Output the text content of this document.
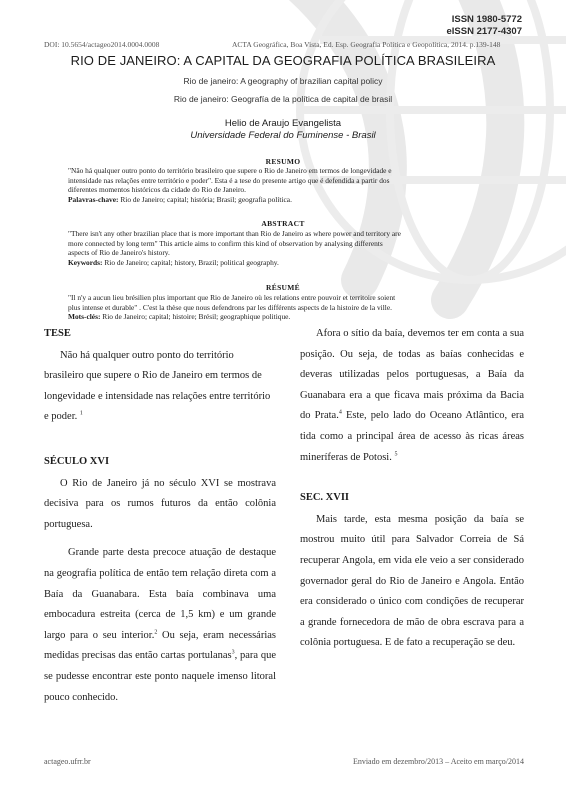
ISSN 1980-5772
eISSN 2177-4307
DOI: 10.5654/actageo2014.0004.0008	ACTA Geográfica, Boa Vista, Ed. Esp. Geografia Política e Geopolítica, 2014. p.139-148
RIO DE JANEIRO: A CAPITAL DA GEOGRAFIA POLÍTICA BRASILEIRA
Rio de janeiro: A geography of brazilian capital policy
Rio de janeiro: Geografía de la política de capital de brasil
Helio de Araujo Evangelista
Universidade Federal do Fuminense - Brasil
RESUMO
"Não há qualquer outro ponto do território brasileiro que supere o Rio de Janeiro em termos de longevidade e
intensidade nas relações entre território e poder". Esta é a tese do presente artigo que é defendida a partir dos
diferentes momentos históricos da cidade do Rio de Janeiro.
Palavras-chave: Rio de Janeiro; capital; história; Brasil; geografia política.
ABSTRACT
"There isn't any other brazilian place that is more important than Rio de Janeiro as where power and territory are
more connected by long term" This article aims to confirm this kind of observation by analysing differents
aspects of Rio de Janeiro's history.
Keywords: Rio de Janeiro; capital; history, Brazil; political geography.
RÉSUMÉ
"Il n'y a aucun lieu brésilien plus important que Rio de Janeiro où les relations entre pouvoir et territoire soient
plus intense et durable" . C'est la thèse que nous defendrons par les différents aspects de la histoire de la ville.
Mots-clés: Rio de Janeiro; capital; histoire; Brésil; geographique politique.

TESE

Não há qualquer outro ponto do território brasileiro que supere o Rio de Janeiro em termos de longevidade e intensidade nas relações entre território e poder. $^1$

SÉCULO XVI

O Rio de Janeiro já no século XVI se mostrava decisiva para os rumos futuros da então colônia portuguesa.

Grande parte desta precoce atuação de destaque na geografia política de então tem relação direta com a Baía da Guanabara. Esta baía combinava uma embocadura estreita (cerca de 1,5 km) e um grande largo para o seu interior.$^2$ Ou seja, eram necessárias medidas precisas das então cartas portulanas$^3$, para que se pudesse encontrar este ponto naquele imenso litoral pouco conhecido.

Afora o sítio da baía, devemos ter em conta a sua posição. Ou seja, de todas as baías conhecidas e deveras utilizadas pelos portuguesas, a Baía da Guanabara era a que ficava mais próxima da Bacia do Prata.$^4$ Este, pelo lado do Oceano Atlântico, era tida como a principal área de acesso às ricas áreas mineríferas de Potosi. $^5$

SEC. XVII

Mais tarde, esta mesma posição da baía se mostrou muito útil para Salvador Correia de Sá recuperar Angola, em vida ele veio a ser considerado governador geral do Rio de Janeiro e Angola. Então era considerado o único com condições de recuperar a grande fornecedora de mão de obra escrava para a colônia portuguesa. E de fato a recuperação se deu.

actageo.ufrr.br	Enviado em dezembro/2013 – Aceito em março/2014
